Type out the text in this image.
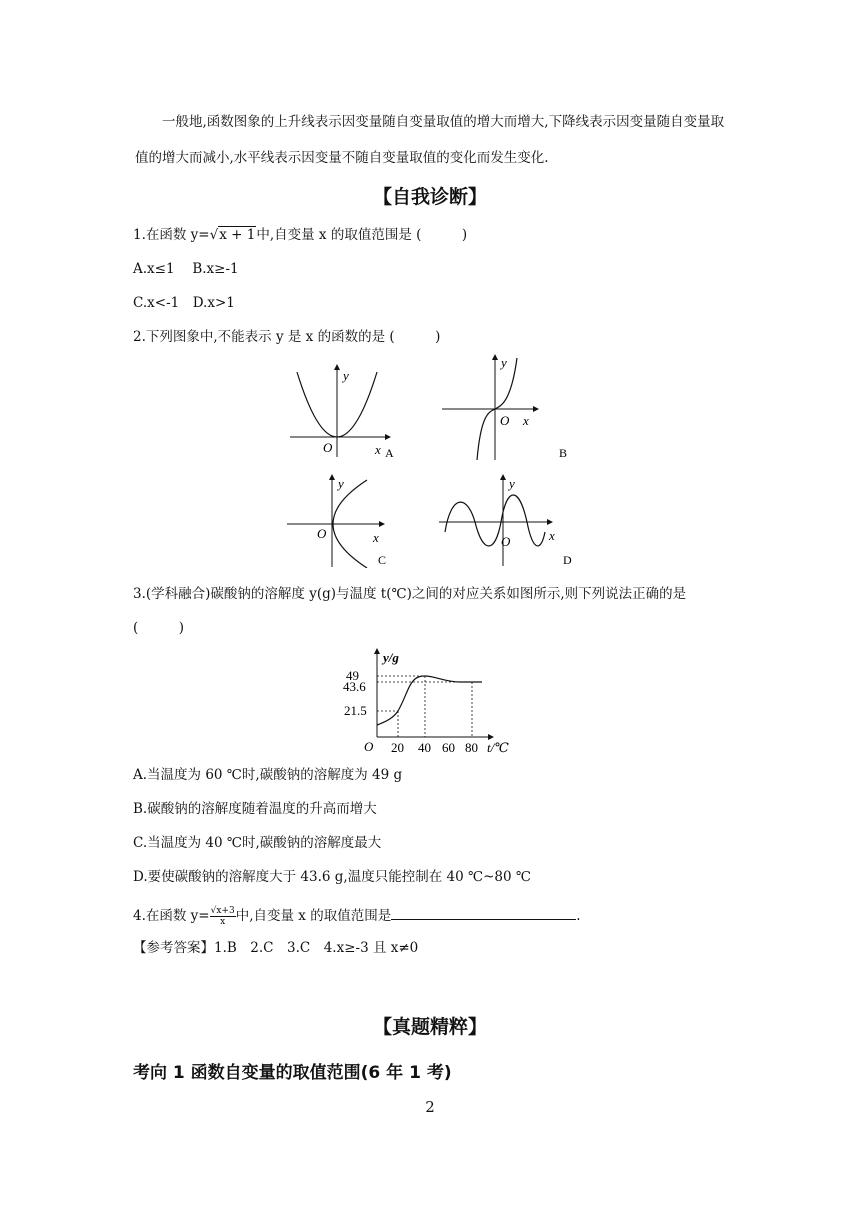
一般地,函数图象的上升线表示因变量随自变量取值的增大而增大,下降线表示因变量随自变量取值的增大而减小,水平线表示因变量不随自变量取值的变化而发生变化.
【自我诊断】
1.在函数 y=√x + 1中,自变量 x 的取值范围是 (　　　)
A.x≤1　 B.x≥-1
C.x<-1　D.x>1
2.下列图象中,不能表示 y 是 x 的函数的是 (　　　)
y
O	x A
y
O x
B
y
O	x
C
y
O	x
D
3.(学科融合)碳酸钠的溶解度 y(g)与温度 t(℃)之间的对应关系如图所示,则下列说法正确的是
(　　　)
y/g
49
43.6
21.5
O 20 40 60 80 t/℃
A.当温度为 60 ℃时,碳酸钠的溶解度为 49 g
B.碳酸钠的溶解度随着温度的升高而增大
C.当温度为 40 ℃时,碳酸钠的溶解度最大
D.要使碳酸钠的溶解度大于 43.6 g,温度只能控制在 40 ℃~80 ℃
4.在函数 $y= \frac{√x+3}{x}$ 中,自变量 x 的取值范围是	.
【参考答案】1.B　2.C　3.C　4.x≥-3 且 x≠0
【真题精粹】
考向 1 函数自变量的取值范围(6 年 1 考)
2
